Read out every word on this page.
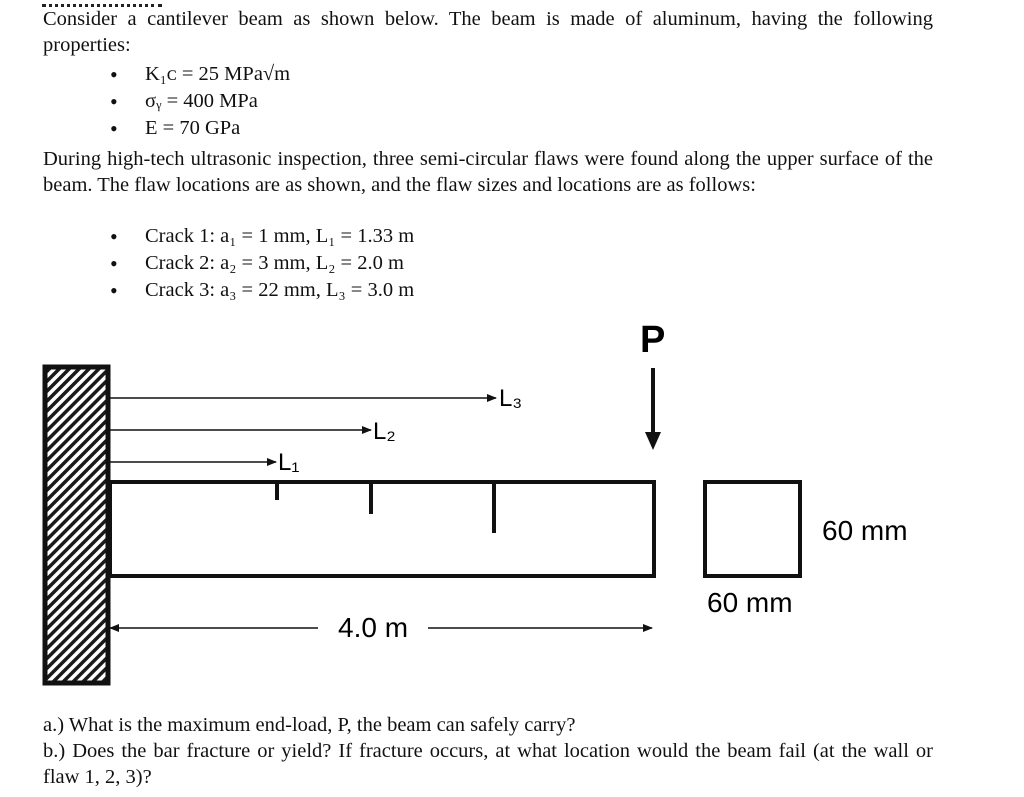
Consider a cantilever beam as shown below. The beam is made of aluminum, having the following properties:

• K₁ᴄ = 25 MPa√m
• σᵧ = 400 MPa
• E = 70 GPa

During high-tech ultrasonic inspection, three semi-circular flaws were found along the upper surface of the beam. The flaw locations are as shown, and the flaw sizes and locations are as follows:

• Crack 1: a₁ = 1 mm, L₁ = 1.33 m
• Crack 2: a₂ = 3 mm, L₂ = 2.0 m
• Crack 3: a₃ = 22 mm, L₃ = 3.0 m
L₃
L₂
L₁
P
60 mm
60 mm
4.0 m

a.) What is the maximum end-load, P, the beam can safely carry?

b.) Does the bar fracture or yield? If fracture occurs, at what location would the beam fail (at the wall or flaw 1, 2, 3)?
